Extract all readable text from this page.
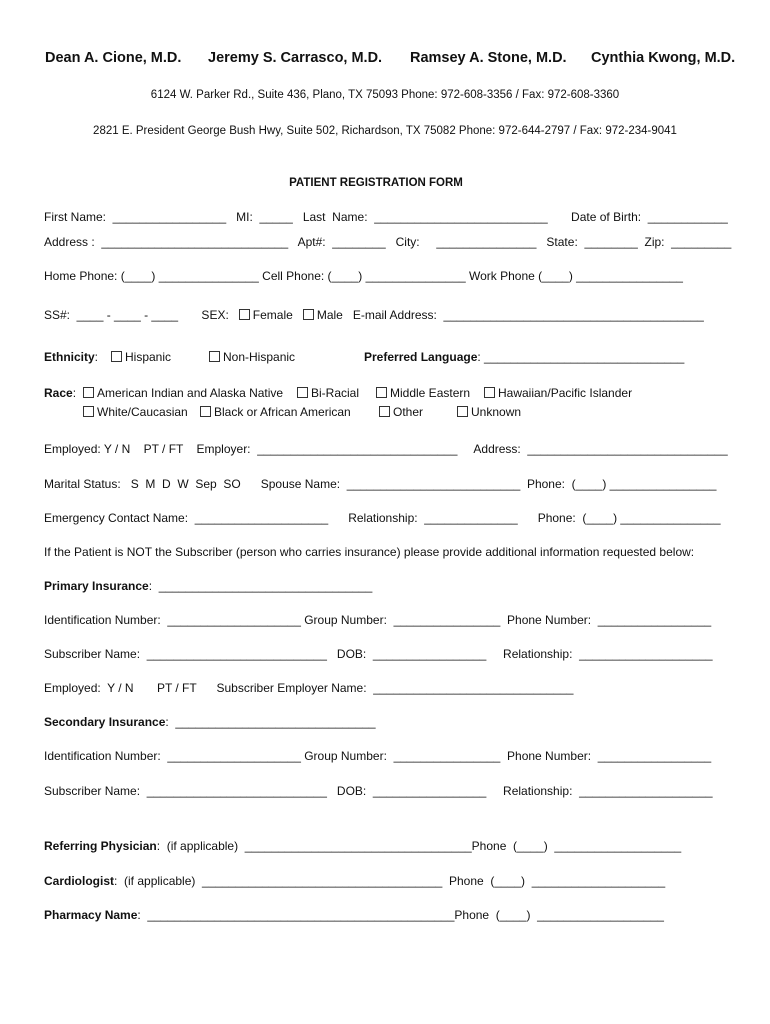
Dean A. Cione, M.D. Jeremy S. Carrasco, M.D. Ramsey A. Stone, M.D. Cynthia Kwong, M.D.
6124 W. Parker Rd., Suite 436, Plano, TX 75093 Phone: 972-608-3356 / Fax: 972-608-3360
2821 E. President George Bush Hwy, Suite 502, Richardson, TX 75082 Phone: 972-644-2797 / Fax: 972-234-9041
PATIENT REGISTRATION FORM
First Name:  _________________   MI:  _____   Last  Name:  __________________________       Date of Birth:  ____________
Address :  ____________________________   Apt#:  ________   City:     _______________   State:  ________  Zip:  _________
Home Phone: (____) _______________ Cell Phone: (____) _______________ Work Phone (____) ________________
SS#:  ____ - ____ - ____       SEX:   Female Male   E-mail Address:  _______________________________________
Ethnicity:	Hispanic	Non-Hispanic	Preferred Language: ______________________________
Race:	American Indian and Alaska Native	Bi-Racial	Middle Eastern	Hawaiian/Pacific Islander
White/Caucasian	Black or African American	Other	Unknown
Employed: Y / N    PT / FT    Employer:  ______________________________     Address:  ______________________________
Marital Status:   S  M  D  W  Sep  SO      Spouse Name:  __________________________  Phone:  (____) ________________
Emergency Contact Name:  ____________________      Relationship:  ______________      Phone:  (____) _______________
If the Patient is NOT the Subscriber (person who carries insurance) please provide additional information requested below:
Primary Insurance:  ________________________________
Identification Number:  ____________________ Group Number:  ________________  Phone Number:  _________________
Subscriber Name:  ___________________________   DOB:  _________________     Relationship:  ____________________
Employed:  Y / N       PT / FT      Subscriber Employer Name:  ______________________________
Secondary Insurance:  ______________________________
Identification Number:  ____________________ Group Number:  ________________  Phone Number:  _________________
Subscriber Name:  ___________________________   DOB:  _________________     Relationship:  ____________________
Referring Physician:  (if applicable)  __________________________________Phone  (____)  ___________________
Cardiologist:  (if applicable)  ____________________________________  Phone  (____)  ____________________
Pharmacy Name:  ______________________________________________Phone  (____)  ___________________
